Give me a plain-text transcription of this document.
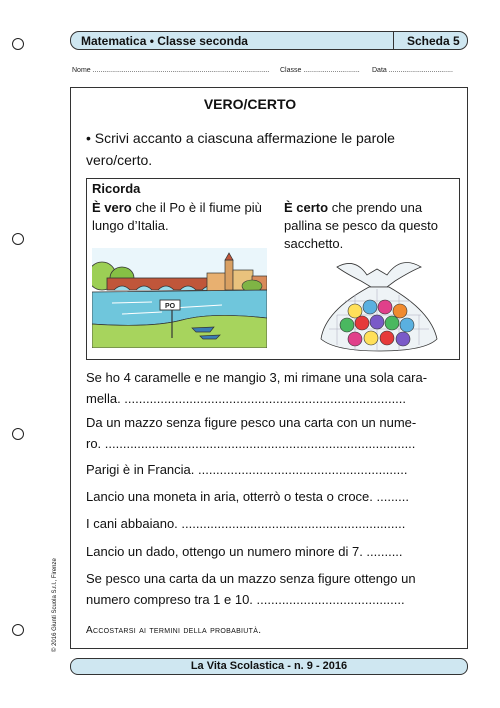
Matematica • Classe seconda	Scheda 5
Nome ........................................................................................... Classe ............................. Data .................................
VERO/CERTO
• Scrivi accanto a ciascuna affermazione le parole vero/certo.
Ricorda
È vero che il Po è il fiume più lungo d’Italia.
È certo che prendo una pallina se pesco da questo sacchetto.
PO
Se ho 4 caramelle e ne mangio 3, mi rimane una sola cara-
mella. ..............................................................................
Da un mazzo senza figure pesco una carta con un nume-
ro. ......................................................................................
Parigi è in Francia. ..........................................................
Lancio una moneta in aria, otterrò o testa o croce. .........
I cani abbaiano. ..............................................................
Lancio un dado, ottengo un numero minore di 7. ..........
Se pesco una carta da un mazzo senza figure ottengo un
numero compreso tra 1 e 10. .........................................
Accostarsi ai termini della probabiutà.
La Vita Scolastica - n. 9 - 2016
© 2016 Giunti Scuola S.r.l., Firenze
